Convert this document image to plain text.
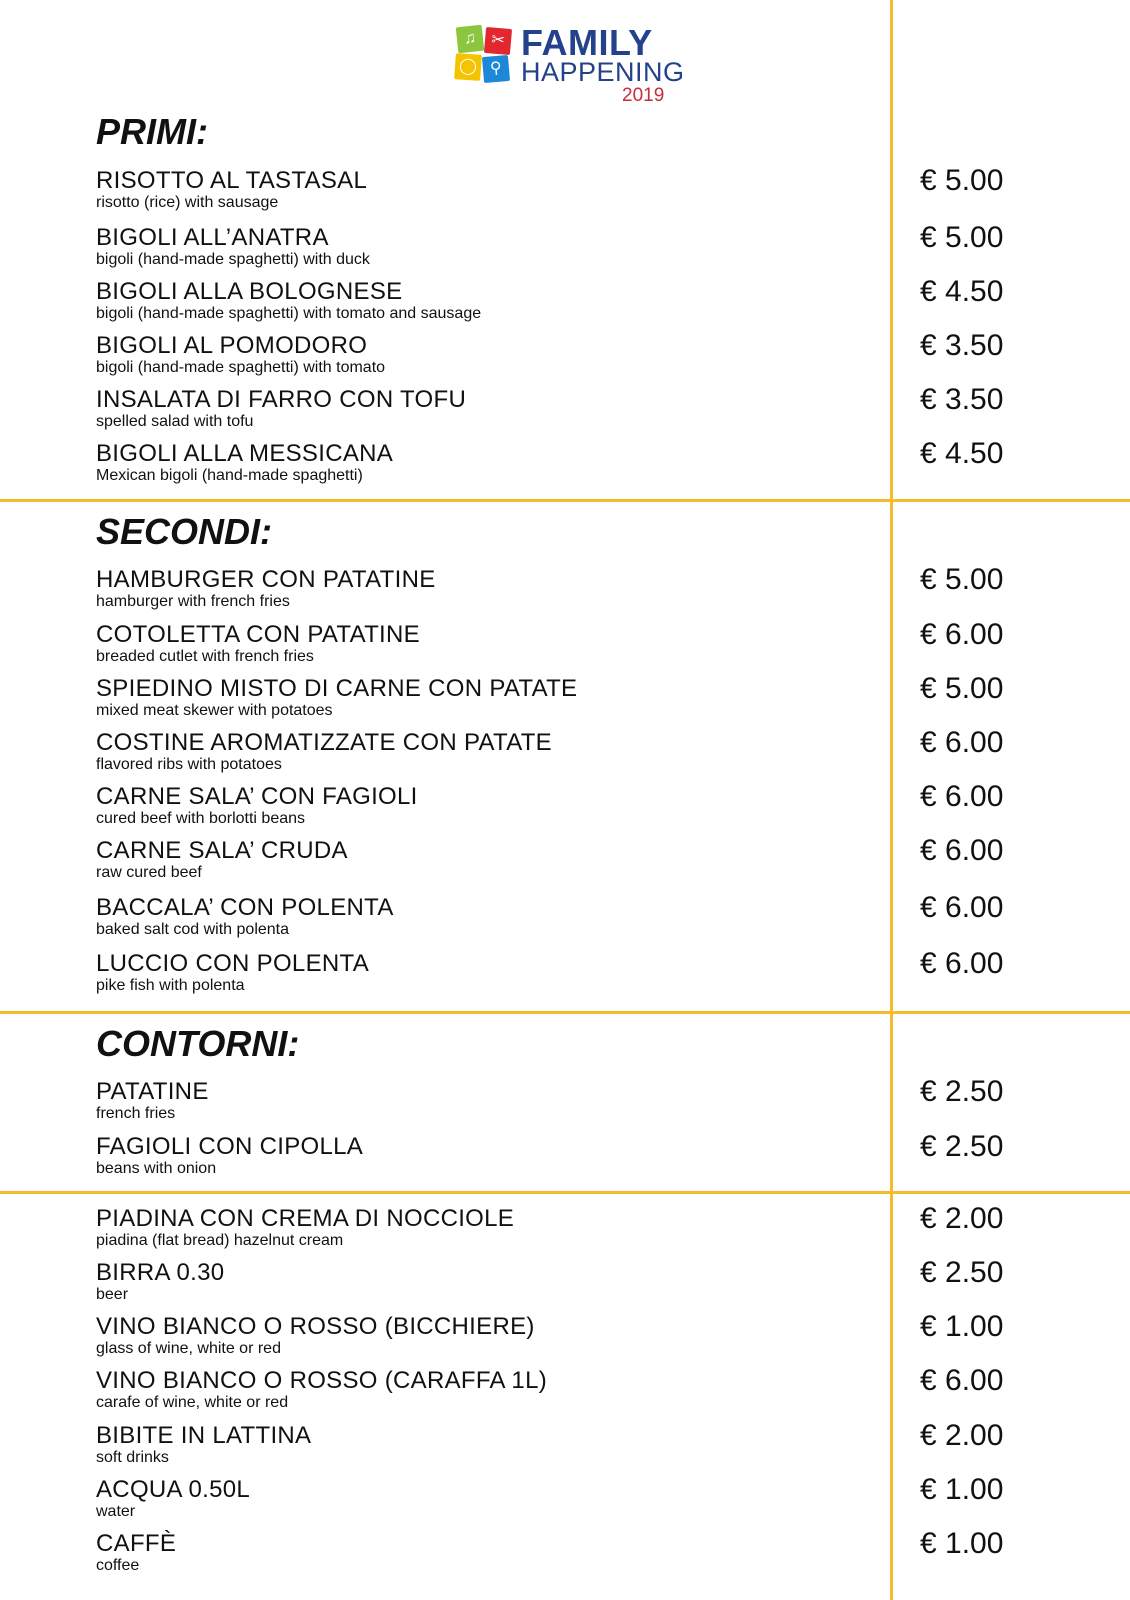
♫ ✂
◯ ⚲
FAMILY
HAPPENING
2019
PRIMI:
RISOTTO AL TASTASAL
risotto (rice) with sausage
€ 5.00
BIGOLI ALL’ANATRA
bigoli (hand-made spaghetti) with duck
€ 5.00
BIGOLI ALLA BOLOGNESE
bigoli (hand-made spaghetti) with tomato and sausage
€ 4.50
BIGOLI AL POMODORO
bigoli (hand-made spaghetti) with tomato
€ 3.50
INSALATA DI FARRO CON TOFU
spelled salad with tofu
€ 3.50
BIGOLI ALLA MESSICANA
Mexican bigoli (hand-made spaghetti)
€ 4.50
SECONDI:
HAMBURGER CON PATATINE
hamburger with french fries
€ 5.00
COTOLETTA CON PATATINE
breaded cutlet with french fries
€ 6.00
SPIEDINO MISTO DI CARNE CON PATATE
mixed meat skewer with potatoes
€ 5.00
COSTINE AROMATIZZATE CON PATATE
flavored ribs with potatoes
€ 6.00
CARNE SALA’ CON FAGIOLI
cured beef with borlotti beans
€ 6.00
CARNE SALA’ CRUDA
raw cured beef
€ 6.00
BACCALA’ CON POLENTA
baked salt cod with polenta
€ 6.00
LUCCIO CON POLENTA
pike fish with polenta
€ 6.00
CONTORNI:
PATATINE
french fries
€ 2.50
FAGIOLI CON CIPOLLA
beans with onion
€ 2.50
PIADINA CON CREMA DI NOCCIOLE
piadina (flat bread) hazelnut cream
€ 2.00
BIRRA 0.30
beer
€ 2.50
VINO BIANCO O ROSSO (BICCHIERE)
glass of wine, white or red
€ 1.00
VINO BIANCO O ROSSO (CARAFFA 1L)
carafe of wine, white or red
€ 6.00
BIBITE IN LATTINA
soft drinks
€ 2.00
ACQUA 0.50L
water
€ 1.00
CAFFÈ
coffee
€ 1.00
